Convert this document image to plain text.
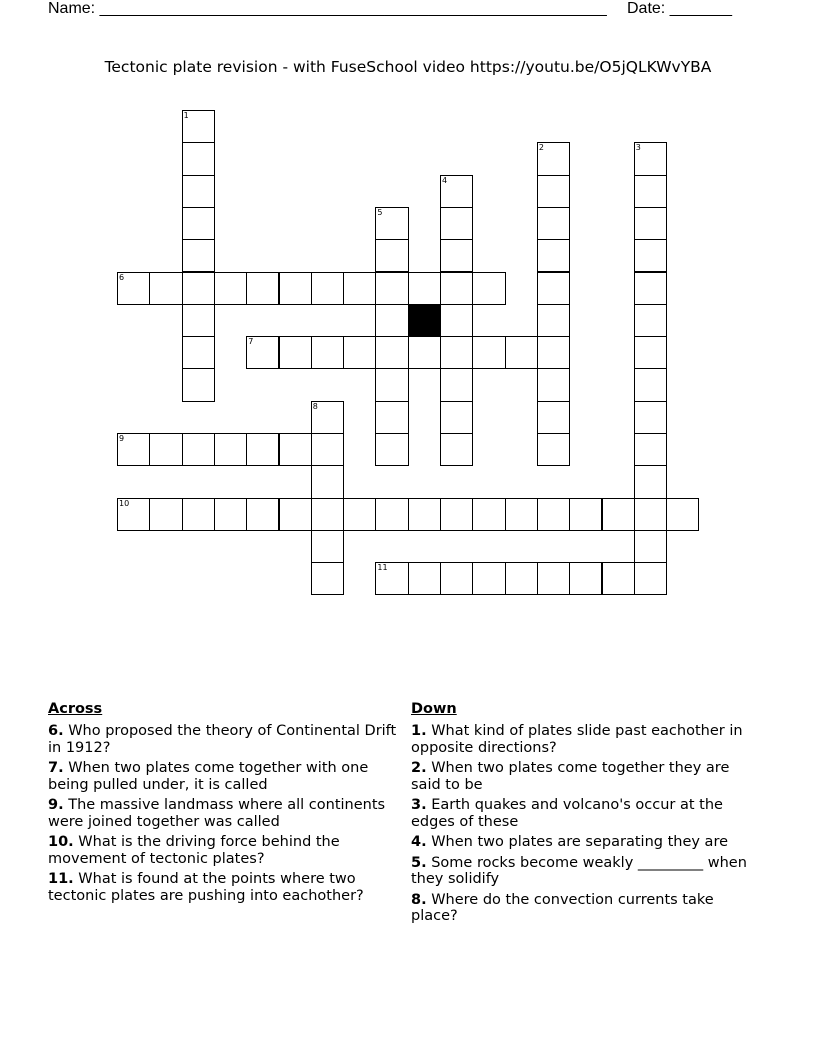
Name: _________________________________________________________ Date: _______
Tectonic plate revision - with FuseSchool video https://youtu.be/O5jQLKWvYBA
1
2	3
4
5
6
7
8
9
10
11
Across
6. Who proposed the theory of Continental Drift in 1912?
7. When two plates come together with one being pulled under, it is called
9. The massive landmass where all continents were joined together was called
10. What is the driving force behind the movement of tectonic plates?
11. What is found at the points where two tectonic plates are pushing into eachother?
Down
1. What kind of plates slide past eachother in opposite directions?
2. When two plates come together they are said to be
3. Earth quakes and volcano's occur at the edges of these
4. When two plates are separating they are
5. Some rocks become weakly _________ when they solidify
8. Where do the convection currents take place?
